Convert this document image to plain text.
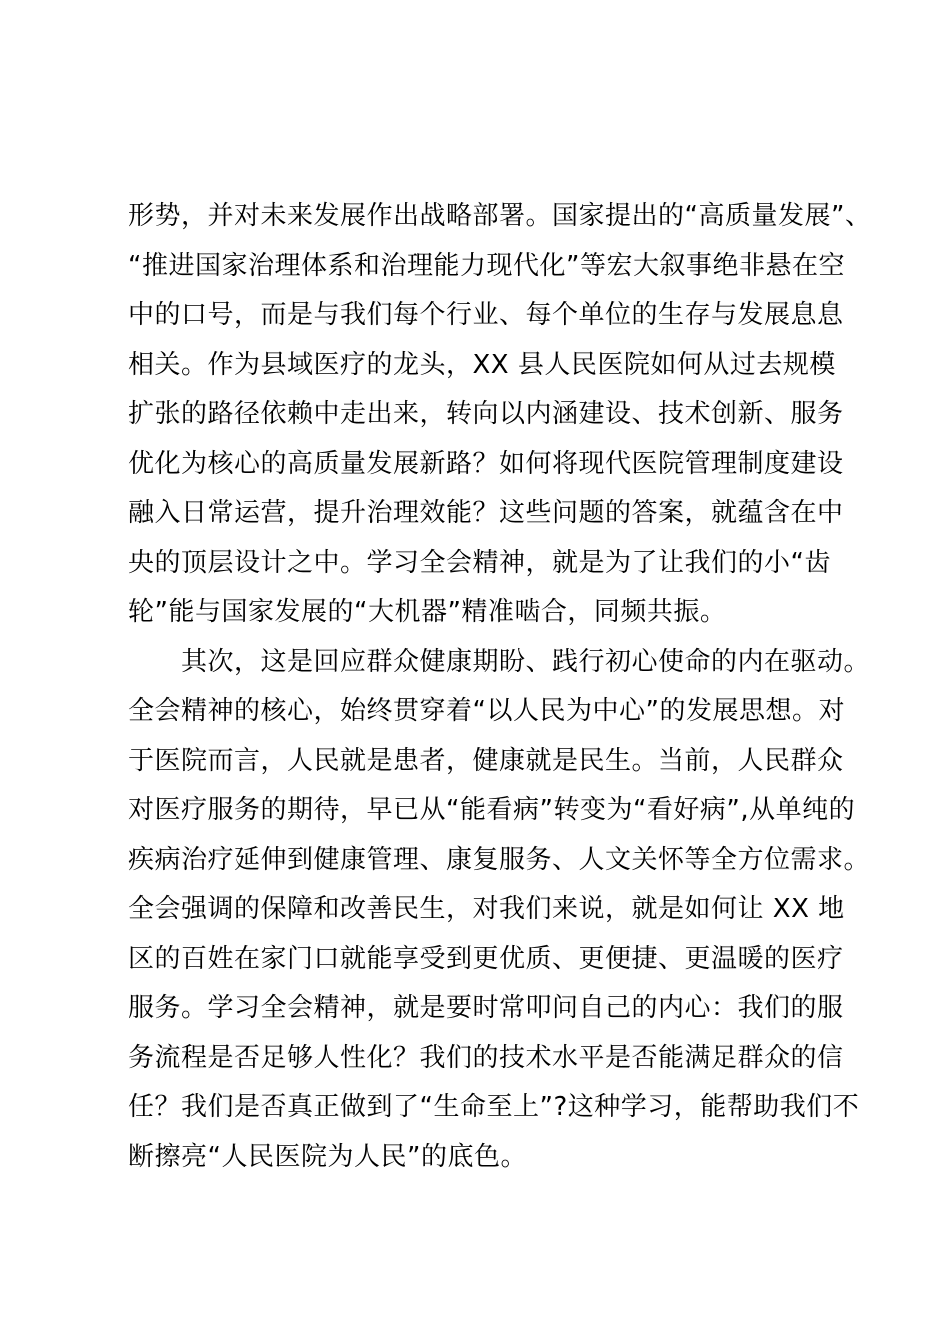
形势，并对未来发展作出战略部署。国家提出的“高质量发展”、
“推进国家治理体系和治理能力现代化”等宏大叙事绝非悬在空
中的口号，而是与我们每个行业、每个单位的生存与发展息息
相关。作为县域医疗的龙头，XX 县人民医院如何从过去规模
扩张的路径依赖中走出来，转向以内涵建设、技术创新、服务
优化为核心的高质量发展新路？如何将现代医院管理制度建设
融入日常运营，提升治理效能？这些问题的答案，就蕴含在中
央的顶层设计之中。学习全会精神，就是为了让我们的小“齿
轮”能与国家发展的“大机器”精准啮合，同频共振。
　　其次，这是回应群众健康期盼、践行初心使命的内在驱动。
全会精神的核心，始终贯穿着“以人民为中心”的发展思想。对
于医院而言，人民就是患者，健康就是民生。当前，人民群众
对医疗服务的期待，早已从“能看病”转变为“看好病”,从单纯的
疾病治疗延伸到健康管理、康复服务、人文关怀等全方位需求。
全会强调的保障和改善民生，对我们来说，就是如何让 XX 地
区的百姓在家门口就能享受到更优质、更便捷、更温暖的医疗
服务。学习全会精神，就是要时常叩问自己的内心：我们的服
务流程是否足够人性化？我们的技术水平是否能满足群众的信
任？我们是否真正做到了“生命至上”?这种学习，能帮助我们不
断擦亮“人民医院为人民”的底色。
